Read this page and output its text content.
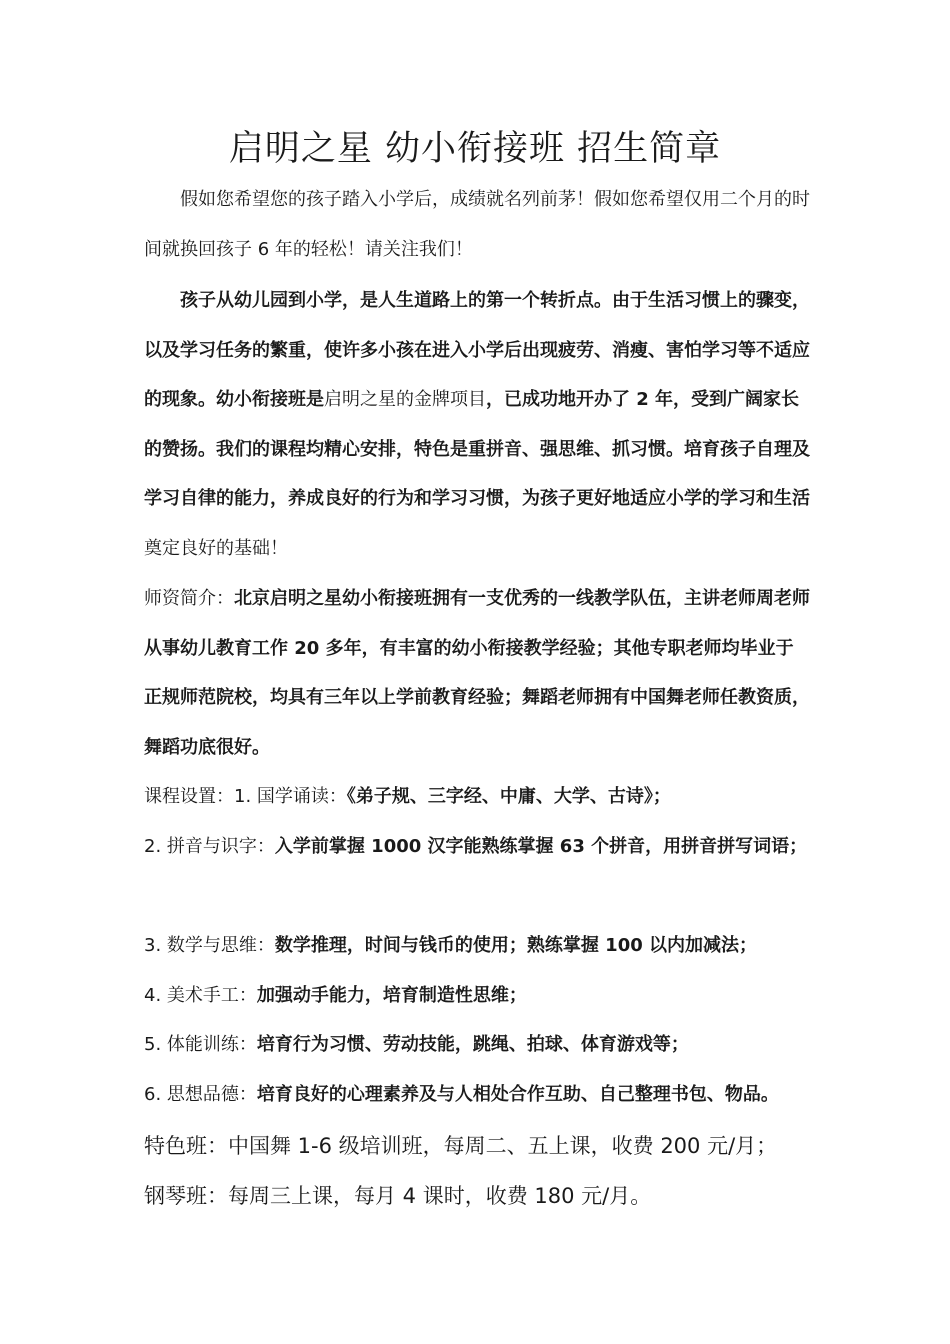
启明之星 幼小衔接班 招生简章

假如您希望您的孩子踏入小学后，成绩就名列前茅！假如您希望仅用二个月的时间就换回孩子 6 年的轻松！请关注我们！

孩子从幼儿园到小学，是人生道路上的第一个转折点。由于生活习惯上的骤变，以及学习任务的繁重，使许多小孩在进入小学后出现疲劳、消瘦、害怕学习等不适应的现象。幼小衔接班是启明之星的金牌项目，已成功地开办了 2 年，受到广阔家长的赞扬。我们的课程均精心安排，特色是重拼音、强思维、抓习惯。培育孩子自理及学习自律的能力，养成良好的行为和学习习惯，为孩子更好地适应小学的学习和生活奠定良好的基础！

师资简介：北京启明之星幼小衔接班拥有一支优秀的一线教学队伍，主讲老师周老师从事幼儿教育工作 20 多年，有丰富的幼小衔接教学经验；其他专职老师均毕业于正规师范院校，均具有三年以上学前教育经验；舞蹈老师拥有中国舞老师任教资质，舞蹈功底很好。

课程设置：1. 国学诵读：《弟子规、三字经、中庸、大学、古诗》；

2. 拼音与识字：入学前掌握 1000 汉字能熟练掌握 63 个拼音，用拼音拼写词语；

3. 数学与思维：数学推理，时间与钱币的使用；熟练掌握 100 以内加减法；

4. 美术手工：加强动手能力，培育制造性思维；

5. 体能训练：培育行为习惯、劳动技能，跳绳、拍球、体育游戏等；

6. 思想品德：培育良好的心理素养及与人相处合作互助、自己整理书包、物品。

特色班：中国舞 1-6 级培训班，每周二、五上课，收费 200 元/月；

钢琴班：每周三上课，每月 4 课时，收费 180 元/月。
